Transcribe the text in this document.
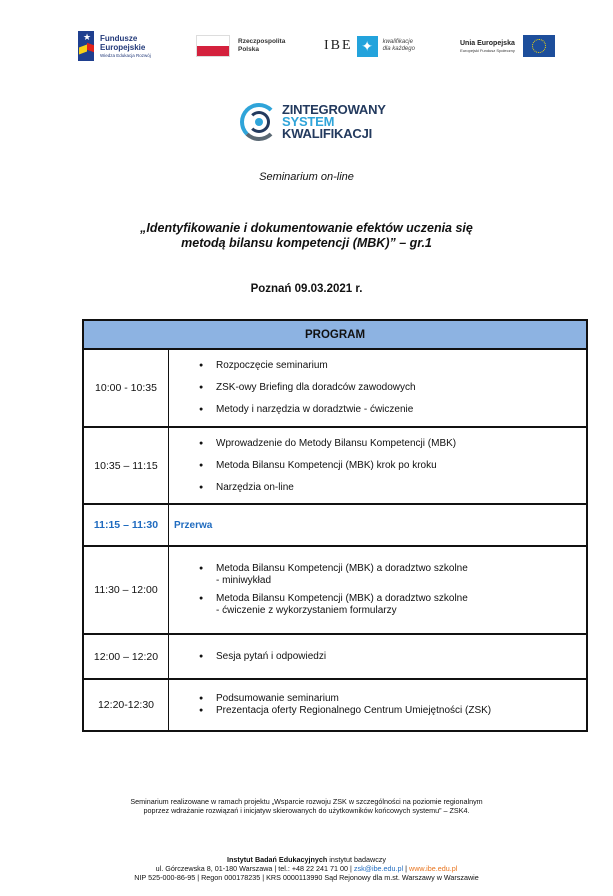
★ Fundusze
Europejskie
Wiedza Edukacja Rozwój
Rzeczpospolita
Polska	IBE ✦	kwalifikacje
dla każdego
Unia Europejska
Europejski Fundusz Społeczny
ZINTEGROWANY
SYSTEM
KWALIFIKACJI
Seminarium on-line
„Identyfikowanie i dokumentowanie efektów uczenia się
metodą bilansu kompetencji (MBK)” – gr.1
Poznań 09.03.2021 r.
PROGRAM
10:00 - 10:35
● Rozpoczęcie seminarium
● ZSK-owy Briefing dla doradców zawodowych
● Metody i narzędzia w doradztwie - ćwiczenie
10:35 – 11:15
● Wprowadzenie do Metody Bilansu Kompetencji (MBK)
● Metoda Bilansu Kompetencji (MBK) krok po kroku
● Narzędzia on-line
11:15 – 11:30	Przerwa
11:30 – 12:00
● Metoda Bilansu Kompetencji (MBK) a doradztwo szkolne
- miniwykład
● Metoda Bilansu Kompetencji (MBK) a doradztwo szkolne
- ćwiczenie z wykorzystaniem formularzy
12:00 – 12:20	● Sesja pytań i odpowiedzi
12:20-12:30
● Podsumowanie seminarium
● Prezentacja oferty Regionalnego Centrum Umiejętności (ZSK)
Seminarium realizowane w ramach projektu „Wsparcie rozwoju ZSK w szczególności na poziomie regionalnym
poprzez wdrażanie rozwiązań i inicjatyw skierowanych do użytkowników końcowych systemu” – ZSK4.
Instytut Badań Edukacyjnych instytut badawczy
ul. Górczewska 8, 01-180 Warszawa | tel.: +48 22 241 71 00 | zsk@ibe.edu.pl | www.ibe.edu.pl
NIP 525-000-86-95 | Regon 000178235 | KRS 0000113990 Sąd Rejonowy dla m.st. Warszawy w Warszawie
